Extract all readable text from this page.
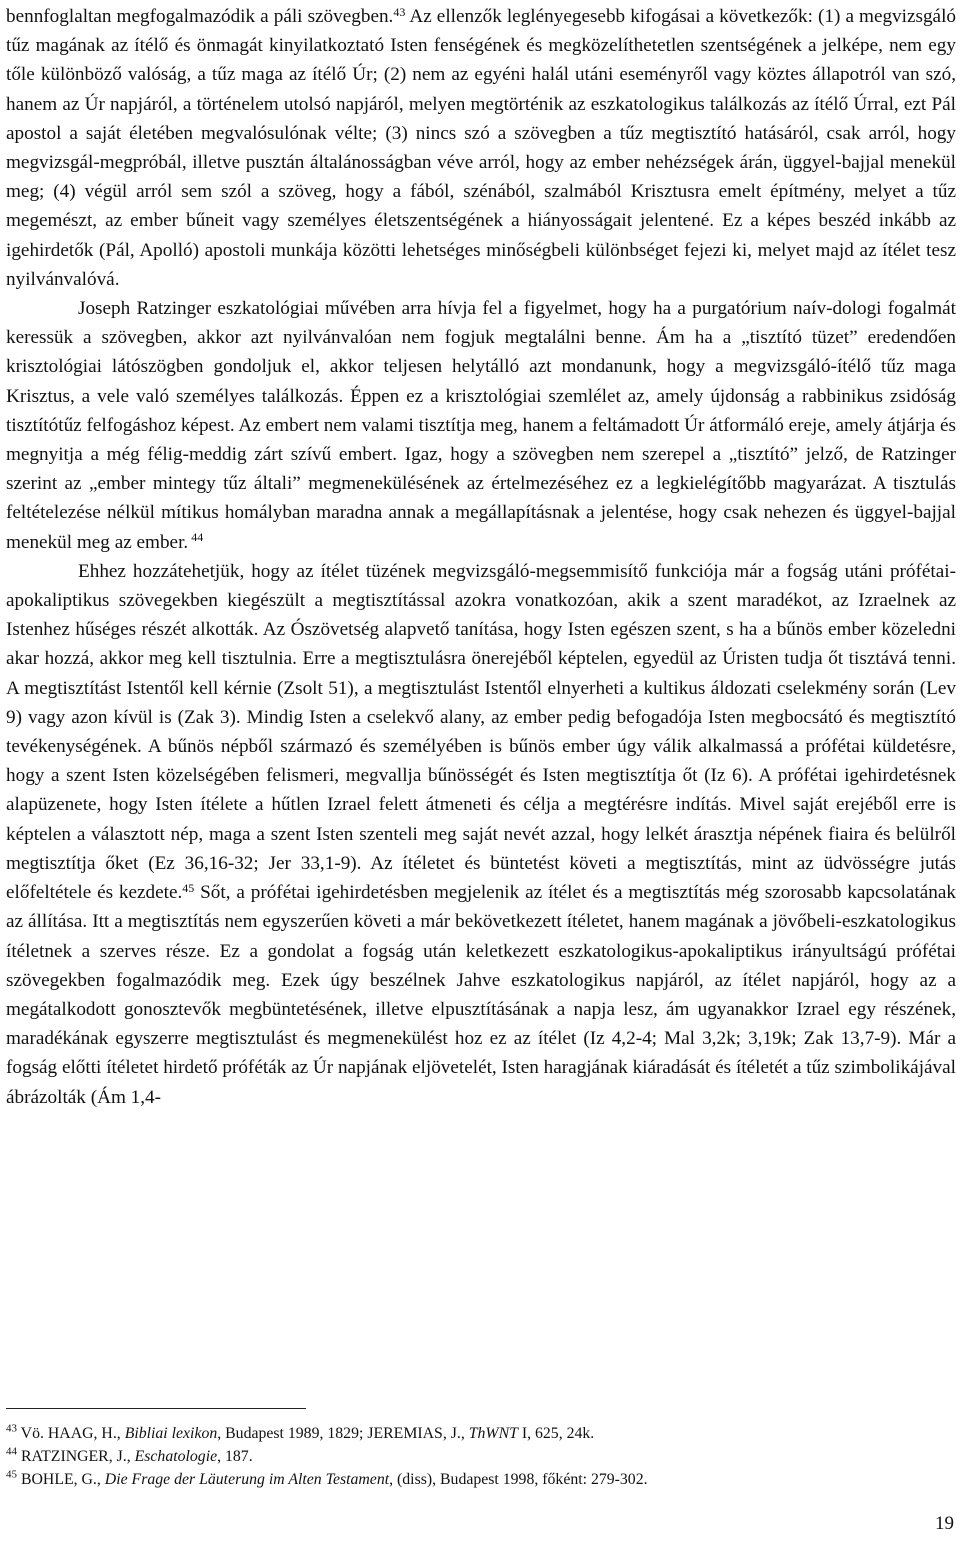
bennfoglaltan megfogalmazódik a páli szövegben.$^{43}$ Az ellenzők leglényegesebb kifogásai a következők: (1) a megvizsgáló tűz magának az ítélő és önmagát kinyilatkoztató Isten fenségének és megközelíthetetlen szentségének a jelképe, nem egy tőle különböző valóság, a tűz maga az ítélő Úr; (2) nem az egyéni halál utáni eseményről vagy köztes állapotról van szó, hanem az Úr napjáról, a történelem utolsó napjáról, melyen megtörténik az eszkatologikus találkozás az ítélő Úrral, ezt Pál apostol a saját életében megvalósulónak vélte; (3) nincs szó a szövegben a tűz megtisztító hatásáról, csak arról, hogy megvizsgál-megpróbál, illetve pusztán általánosságban véve arról, hogy az ember nehézségek árán, üggyel-bajjal menekül meg; (4) végül arról sem szól a szöveg, hogy a fából, szénából, szalmából Krisztusra emelt építmény, melyet a tűz megemészt, az ember bűneit vagy személyes életszentségének a hiányosságait jelentené. Ez a képes beszéd inkább az igehirdetők (Pál, Apolló) apostoli munkája közötti lehetséges minőségbeli különbséget fejezi ki, melyet majd az ítélet tesz nyilvánvalóvá.

Joseph Ratzinger eszkatológiai művében arra hívja fel a figyelmet, hogy ha a purgatórium naív-dologi fogalmát keressük a szövegben, akkor azt nyilvánvalóan nem fogjuk megtalálni benne. Ám ha a „tisztító tüzet” eredendően krisztológiai látószögben gondoljuk el, akkor teljesen helytálló azt mondanunk, hogy a megvizsgáló-ítélő tűz maga Krisztus, a vele való személyes találkozás. Éppen ez a krisztológiai szemlélet az, amely újdonság a rabbinikus zsidóság tisztítótűz felfogáshoz képest. Az embert nem valami tisztítja meg, hanem a feltámadott Úr átformáló ereje, amely átjárja és megnyitja a még félig-meddig zárt szívű embert. Igaz, hogy a szövegben nem szerepel a „tisztító” jelző, de Ratzinger szerint az „ember mintegy tűz általi” megmenekülésének az értelmezéséhez ez a legkielégítőbb magyarázat. A tisztulás feltételezése nélkül mítikus homályban maradna annak a megállapításnak a jelentése, hogy csak nehezen és üggyel-bajjal menekül meg az ember. $^{44}$

Ehhez hozzátehetjük, hogy az ítélet tüzének megvizsgáló-megsemmisítő funkciója már a fogság utáni prófétai-apokaliptikus szövegekben kiegészült a megtisztítással azokra vonatkozóan, akik a szent maradékot, az Izraelnek az Istenhez hűséges részét alkották. Az Ószövetség alapvető tanítása, hogy Isten egészen szent, s ha a bűnös ember közeledni akar hozzá, akkor meg kell tisztulnia. Erre a megtisztulásra önerejéből képtelen, egyedül az Úristen tudja őt tisztává tenni. A megtisztítást Istentől kell kérnie (Zsolt 51), a megtisztulást Istentől elnyerheti a kultikus áldozati cselekmény során (Lev 9) vagy azon kívül is (Zak 3). Mindig Isten a cselekvő alany, az ember pedig befogadója Isten megbocsátó és megtisztító tevékenységének. A bűnös népből származó és személyében is bűnös ember úgy válik alkalmassá a prófétai küldetésre, hogy a szent Isten közelségében felismeri, megvallja bűnösségét és Isten megtisztítja őt (Iz 6). A prófétai igehirdetésnek alapüzenete, hogy Isten ítélete a hűtlen Izrael felett átmeneti és célja a megtérésre indítás. Mivel saját erejéből erre is képtelen a választott nép, maga a szent Isten szenteli meg saját nevét azzal, hogy lelkét árasztja népének fiaira és belülről megtisztítja őket (Ez 36,16-32; Jer 33,1-9). Az ítéletet és büntetést követi a megtisztítás, mint az üdvösségre jutás előfeltétele és kezdete.$^{45}$ Sőt, a prófétai igehirdetésben megjelenik az ítélet és a megtisztítás még szorosabb kapcsolatának az állítása. Itt a megtisztítás nem egyszerűen követi a már bekövetkezett ítéletet, hanem magának a jövőbeli-eszkatologikus ítéletnek a szerves része. Ez a gondolat a fogság után keletkezett eszkatologikus-apokaliptikus irányultságú prófétai szövegekben fogalmazódik meg. Ezek úgy beszélnek Jahve eszkatologikus napjáról, az ítélet napjáról, hogy az a megátalkodott gonosztevők megbüntetésének, illetve elpusztításának a napja lesz, ám ugyanakkor Izrael egy részének, maradékának egyszerre megtisztulást és megmenekülést hoz ez az ítélet (Iz 4,2-4; Mal 3,2k; 3,19k; Zak 13,7-9). Már a fogság előtti ítéletet hirdető próféták az Úr napjának eljövetelét, Isten haragjának kiáradását és ítéletét a tűz szimbolikájával ábrázolták (Ám 1,4-

$^{43}$ Vö. HAAG, H., Bibliai lexikon, Budapest 1989, 1829; JEREMIAS, J., ThWNT I, 625, 24k.

$^{44}$ RATZINGER, J., Eschatologie, 187.

$^{45}$ BOHLE, G., Die Frage der Läuterung im Alten Testament, (diss), Budapest 1998, főként: 279-302.

19
